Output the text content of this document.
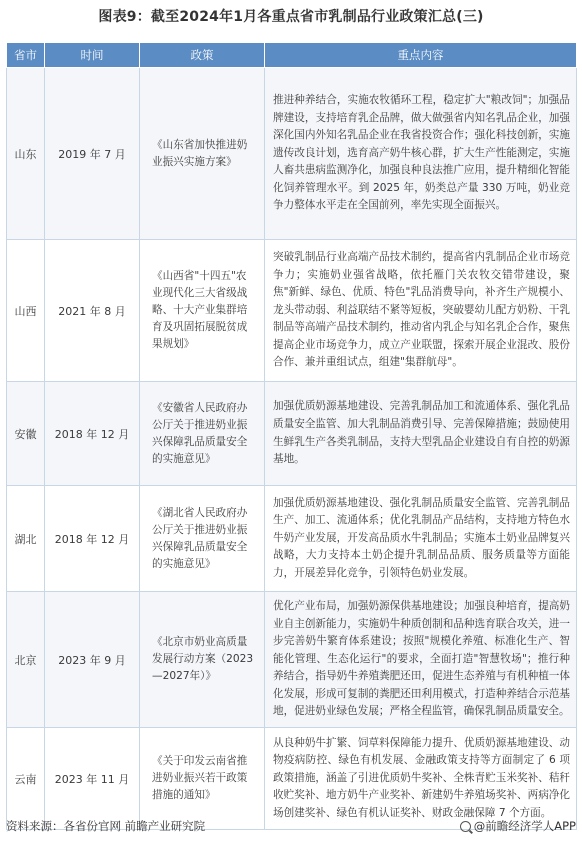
图表9：截至2024年1月各重点省市乳制品行业政策汇总(三)
省市	时间	政策	重点内容
山东	2019 年 7 月	《山东省加快推进奶业振兴实施方案》	推进种养结合，实施农牧循环工程，稳定扩大"粮改饲"；加强品牌建设，支持培育乳企品牌，做大做强省内知名乳品企业，加强深化国内外知名乳品企业在我省投资合作；强化科技创新，实施遗传改良计划，选育高产奶牛核心群，扩大生产性能测定，实施人畜共患病监测净化，加强良种良法推广应用，提升精细化智能化饲养管理水平。到 2025 年，奶类总产量 330 万吨，奶业竞争力整体水平走在全国前列，率先实现全面振兴。
山西	2021 年 8 月	《山西省"十四五"农业现代化三大省级战略、十大产业集群培育及巩固拓展脱贫成果规划》	突破乳制品行业高端产品技术制约，提高省内乳制品企业市场竞争力；实施奶业强省战略，依托雁门关农牧交错带建设，聚焦"新鲜、绿色、优质、特色"乳品消费导向，补齐生产规模小、龙头带动弱、利益联结不紧等短板，突破婴幼儿配方奶粉、干乳制品等高端产品技术制约，推动省内乳企与知名乳企合作，聚焦提高企业市场竞争力，成立产业联盟，探索开展企业混改、股份合作、兼并重组试点，组建"集群航母"。
安徽	2018 年 12 月	《安徽省人民政府办公厅关于推进奶业振兴保障乳品质量安全的实施意见》	加强优质奶源基地建设、完善乳制品加工和流通体系、强化乳品质量安全监管、加大乳制品消费引导、完善保障措施；鼓励使用生鲜乳生产各类乳制品，支持大型乳品企业建设自有自控的奶源基地。
湖北	2018 年 12 月	《湖北省人民政府办公厅关于推进奶业振兴保障乳品质量安全的实施意见》	加强优质奶源基地建设、强化乳制品质量安全监管、完善乳制品生产、加工、流通体系；优化乳制品产品结构，支持地方特色水牛奶产业发展，开发高品质水牛乳制品；实施本土奶业品牌复兴战略，大力支持本土奶企提升乳制品品质、服务质量等方面能力，开展差异化竞争，引领特色奶业发展。
北京	2023 年 9 月	《北京市奶业高质量发展行动方案（2023—2027年）》	优化产业布局，加强奶源保供基地建设；加强良种培育，提高奶业自主创新能力，实施奶牛种质创制和品种选育联合攻关，进一步完善奶牛繁育体系建设；按照"规模化养殖、标准化生产、智能化管理、生态化运行"的要求，全面打造"智慧牧场"；推行种养结合，指导奶牛养殖粪肥还田，促进生态养殖与有机种植一体化发展，形成可复制的粪肥还田利用模式，打造种养结合示范基地，促进奶业绿色发展；严格全程监管，确保乳制品质量安全。
云南	2023 年 11 月	《关于印发云南省推进奶业振兴若干政策措施的通知》	从良种奶牛扩繁、饲草料保障能力提升、优质奶源基地建设、动物疫病防控、绿色有机发展、金融政策支持等方面制定了 6 项政策措施，涵盖了引进优质奶牛奖补、全株青贮玉米奖补、秸秆收贮奖补、地方奶牛产业奖补、新建奶牛养殖场奖补、两病净化场创建奖补、绿色有机认证奖补、财政金融保障 7 个方面。
资料来源：各省份官网 前瞻产业研究院	@前瞻经济学人APP
